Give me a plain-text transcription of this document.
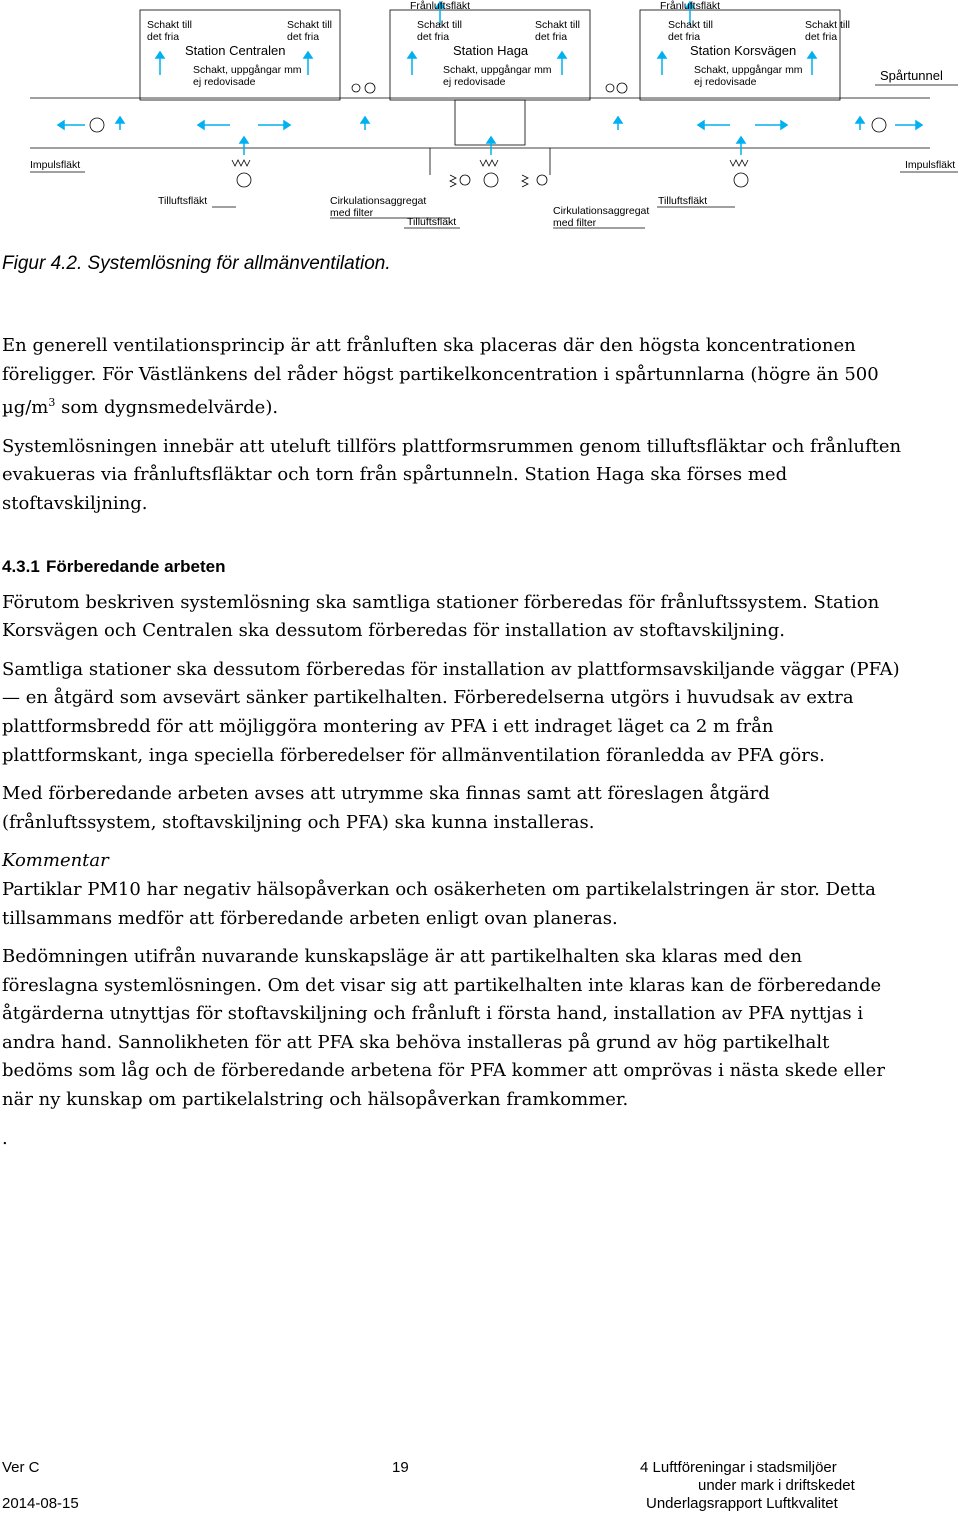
Frånluftsfläkt	Frånluftsfläkt
Schakt till
det fria
Schakt till
det fria
Schakt till
det fria
Schakt till
det fria
Schakt till
det fria
Schakt till
det fria
Station Centralen	Station Haga	Station Korsvägen
Schakt, uppgångar mm
ej redovisade
Schakt, uppgångar mm
ej redovisade
Schakt, uppgångar mm
ej redovisade	Spårtunnel
Impulsfläkt	Impulsfläkt
Tilluftsfläkt
Tilluftsfläkt
Tilluftsfläkt
Cirkulationsaggregat
med filter	Cirkulationsaggregat
med filter
Figur 4.2. Systemlösning för allmänventilation.

En generell ventilationsprincip är att frånluften ska placeras där den högsta koncentrationen föreligger. För Västlänkens del råder högst partikelkoncentration i spårtunnlarna (högre än 500 $\mu g/m^3$ som dygnsmedelvärde).

Systemlösningen innebär att uteluft tillförs plattformsrummen genom tilluftsfläktar och frånluften evakueras via frånluftsfläktar och torn från spårtunneln. Station Haga ska förses med stoftavskiljning.

4.3.1 Förberedande arbeten

Förutom beskriven systemlösning ska samtliga stationer förberedas för frånluftssystem. Station Korsvägen och Centralen ska dessutom förberedas för installation av stoftavskiljning.

Samtliga stationer ska dessutom förberedas för installation av plattformsavskiljande väggar (PFA) — en åtgärd som avsevärt sänker partikelhalten. Förberedelserna utgörs i huvudsak av extra plattformsbredd för att möjliggöra montering av PFA i ett indraget läget ca 2 m från plattformskant, inga speciella förberedelser för allmänventilation föranledda av PFA görs.

Med förberedande arbeten avses att utrymme ska finnas samt att föreslagen åtgärd (frånluftssystem, stoftavskiljning och PFA) ska kunna installeras.

Kommentar
Partiklar PM10 har negativ hälsopåverkan och osäkerheten om partikelalstringen är stor. Detta tillsammans medför att förberedande arbeten enligt ovan planeras.

Bedömningen utifrån nuvarande kunskapsläge är att partikelhalten ska klaras med den föreslagna systemlösningen. Om det visar sig att partikelhalten inte klaras kan de förberedande åtgärderna utnyttjas för stoftavskiljning och frånluft i första hand, installation av PFA nyttjas i andra hand. Sannolikheten för att PFA ska behöva installeras på grund av hög partikelhalt bedöms som låg och de förberedande arbetena för PFA kommer att omprövas i nästa skede eller när ny kunskap om partikelalstring och hälsopåverkan framkommer.

.

Ver C	19
2014-08-15
4 Luftföreningar i stadsmiljöer
under mark i driftskedet
Underlagsrapport Luftkvalitet
